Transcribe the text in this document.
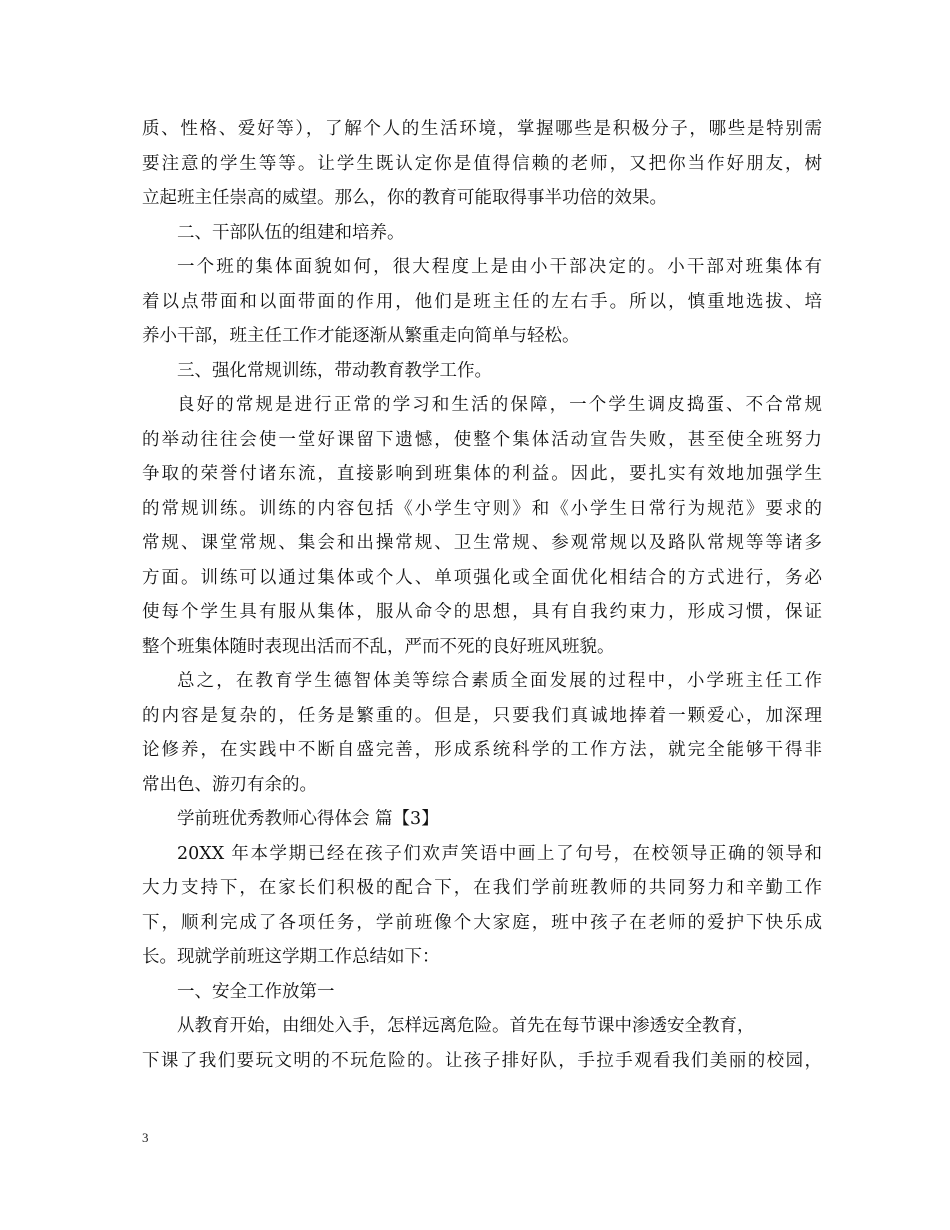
质、性格、爱好等），了解个人的生活环境，掌握哪些是积极分子，哪些是特别需
要注意的学生等等。让学生既认定你是值得信赖的老师，又把你当作好朋友，树
立起班主任崇高的威望。那么，你的教育可能取得事半功倍的效果。
二、干部队伍的组建和培养。
一个班的集体面貌如何，很大程度上是由小干部决定的。小干部对班集体有
着以点带面和以面带面的作用，他们是班主任的左右手。所以，慎重地选拔、培
养小干部，班主任工作才能逐渐从繁重走向简单与轻松。
三、强化常规训练，带动教育教学工作。
良好的常规是进行正常的学习和生活的保障，一个学生调皮捣蛋、不合常规
的举动往往会使一堂好课留下遗憾，使整个集体活动宣告失败，甚至使全班努力
争取的荣誉付诸东流，直接影响到班集体的利益。因此，要扎实有效地加强学生
的常规训练。训练的内容包括《小学生守则》和《小学生日常行为规范》要求的
常规、课堂常规、集会和出操常规、卫生常规、参观常规以及路队常规等等诸多
方面。训练可以通过集体或个人、单项强化或全面优化相结合的方式进行，务必
使每个学生具有服从集体，服从命令的思想，具有自我约束力，形成习惯，保证
整个班集体随时表现出活而不乱，严而不死的良好班风班貌。
总之，在教育学生德智体美等综合素质全面发展的过程中，小学班主任工作
的内容是复杂的，任务是繁重的。但是，只要我们真诚地捧着一颗爱心，加深理
论修养，在实践中不断自盛完善，形成系统科学的工作方法，就完全能够干得非
常出色、游刃有余的。
学前班优秀教师心得体会 篇【3】
20XX 年本学期已经在孩子们欢声笑语中画上了句号，在校领导正确的领导和
大力支持下，在家长们积极的配合下，在我们学前班教师的共同努力和辛勤工作
下，顺利完成了各项任务，学前班像个大家庭，班中孩子在老师的爱护下快乐成
长。现就学前班这学期工作总结如下：
一、安全工作放第一
从教育开始，由细处入手，怎样远离危险。首先在每节课中渗透安全教育，
下课了我们要玩文明的不玩危险的。让孩子排好队，手拉手观看我们美丽的校园，
3
